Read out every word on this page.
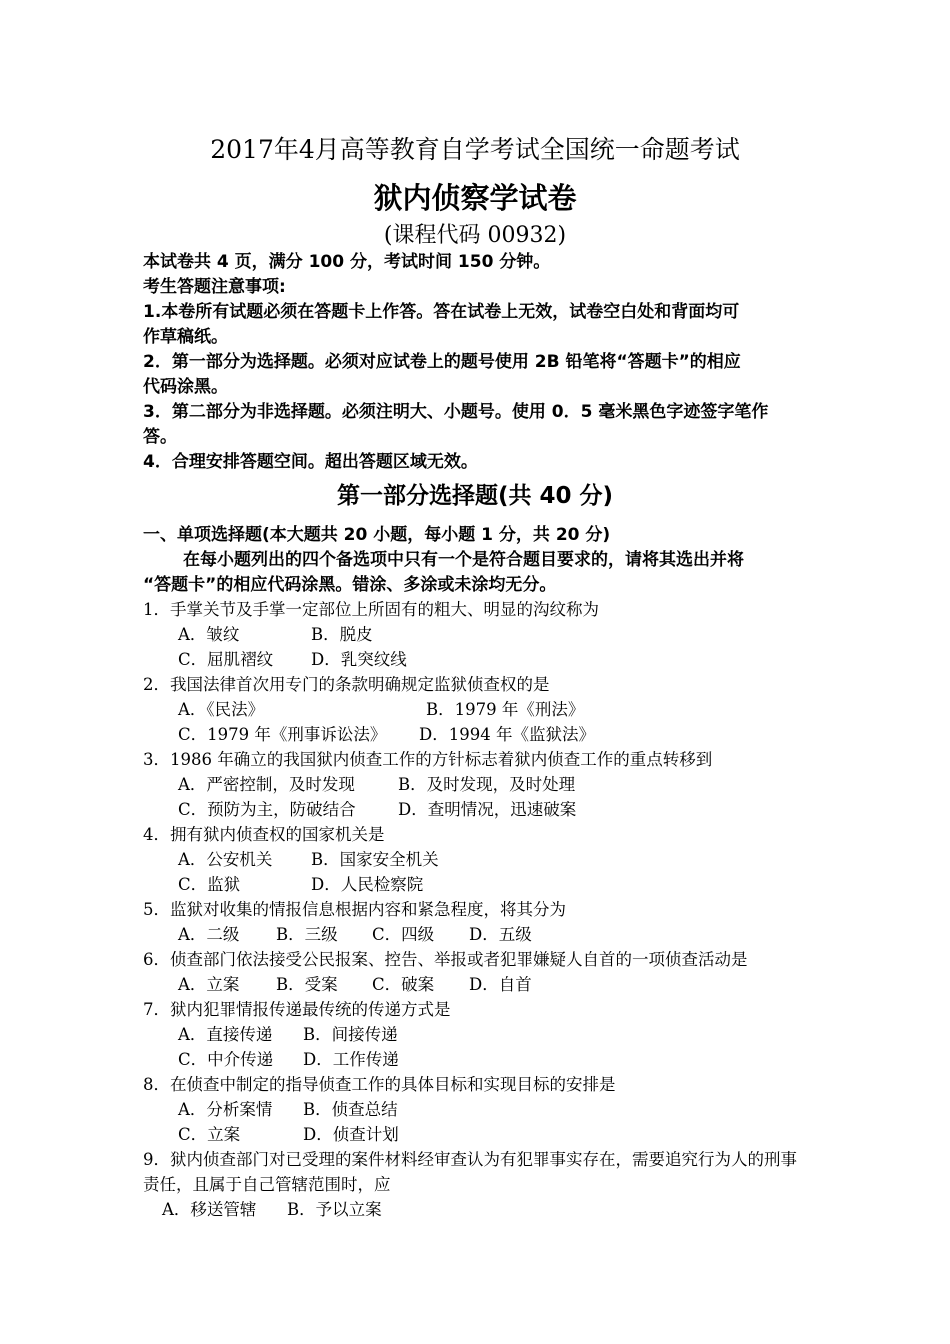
2017年4月高等教育自学考试全国统一命题考试
狱内侦察学试卷
(课程代码 00932)
本试卷共 4 页，满分 100 分，考试时间 150 分钟。
考生答题注意事项:
1.本卷所有试题必须在答题卡上作答。答在试卷上无效，试卷空白处和背面均可
作草稿纸。
2．第一部分为选择题。必须对应试卷上的题号使用 2B 铅笔将“答题卡”的相应
代码涂黑。
3．第二部分为非选择题。必须注明大、小题号。使用 0．5 毫米黑色字迹签字笔作
答。
4．合理安排答题空间。超出答题区域无效。
第一部分选择题(共 40 分)
一、单项选择题(本大题共 20 小题，每小题 1 分，共 20 分)
在每小题列出的四个备选项中只有一个是符合题目要求的，请将其选出并将
“答题卡”的相应代码涂黑。错涂、多涂或未涂均无分。
1．手掌关节及手掌一定部位上所固有的粗大、明显的沟纹称为
A．皱纹	B．脱皮
C．屈肌褶纹 D．乳突纹线
2．我国法律首次用专门的条款明确规定监狱侦查权的是
A．《民法》	B．1979 年《刑法》
C．1979 年《刑事诉讼法》 D．1994 年《监狱法》
3．1986 年确立的我国狱内侦查工作的方针标志着狱内侦查工作的重点转移到
A．严密控制，及时发现	B．及时发现，及时处理
C．预防为主，防破结合	D．查明情况，迅速破案
4．拥有狱内侦查权的国家机关是
A．公安机关 B．国家安全机关
C．监狱	D．人民检察院
5．监狱对收集的情报信息根据内容和紧急程度，将其分为
A．二级 B．三级 C．四级 D．五级
6．侦查部门依法接受公民报案、控告、举报或者犯罪嫌疑人自首的一项侦查活动是
A．立案 B．受案 C．破案 D．自首
7．狱内犯罪情报传递最传统的传递方式是
A．直接传递 B．间接传递
C．中介传递 D．工作传递
8．在侦查中制定的指导侦查工作的具体目标和实现目标的安排是
A．分析案情 B．侦查总结
C．立案	D．侦查计划
9．狱内侦查部门对已受理的案件材料经审查认为有犯罪事实存在，需要追究行为人的刑事
责任，且属于自己管辖范围时，应
A．移送管辖 B．予以立案
